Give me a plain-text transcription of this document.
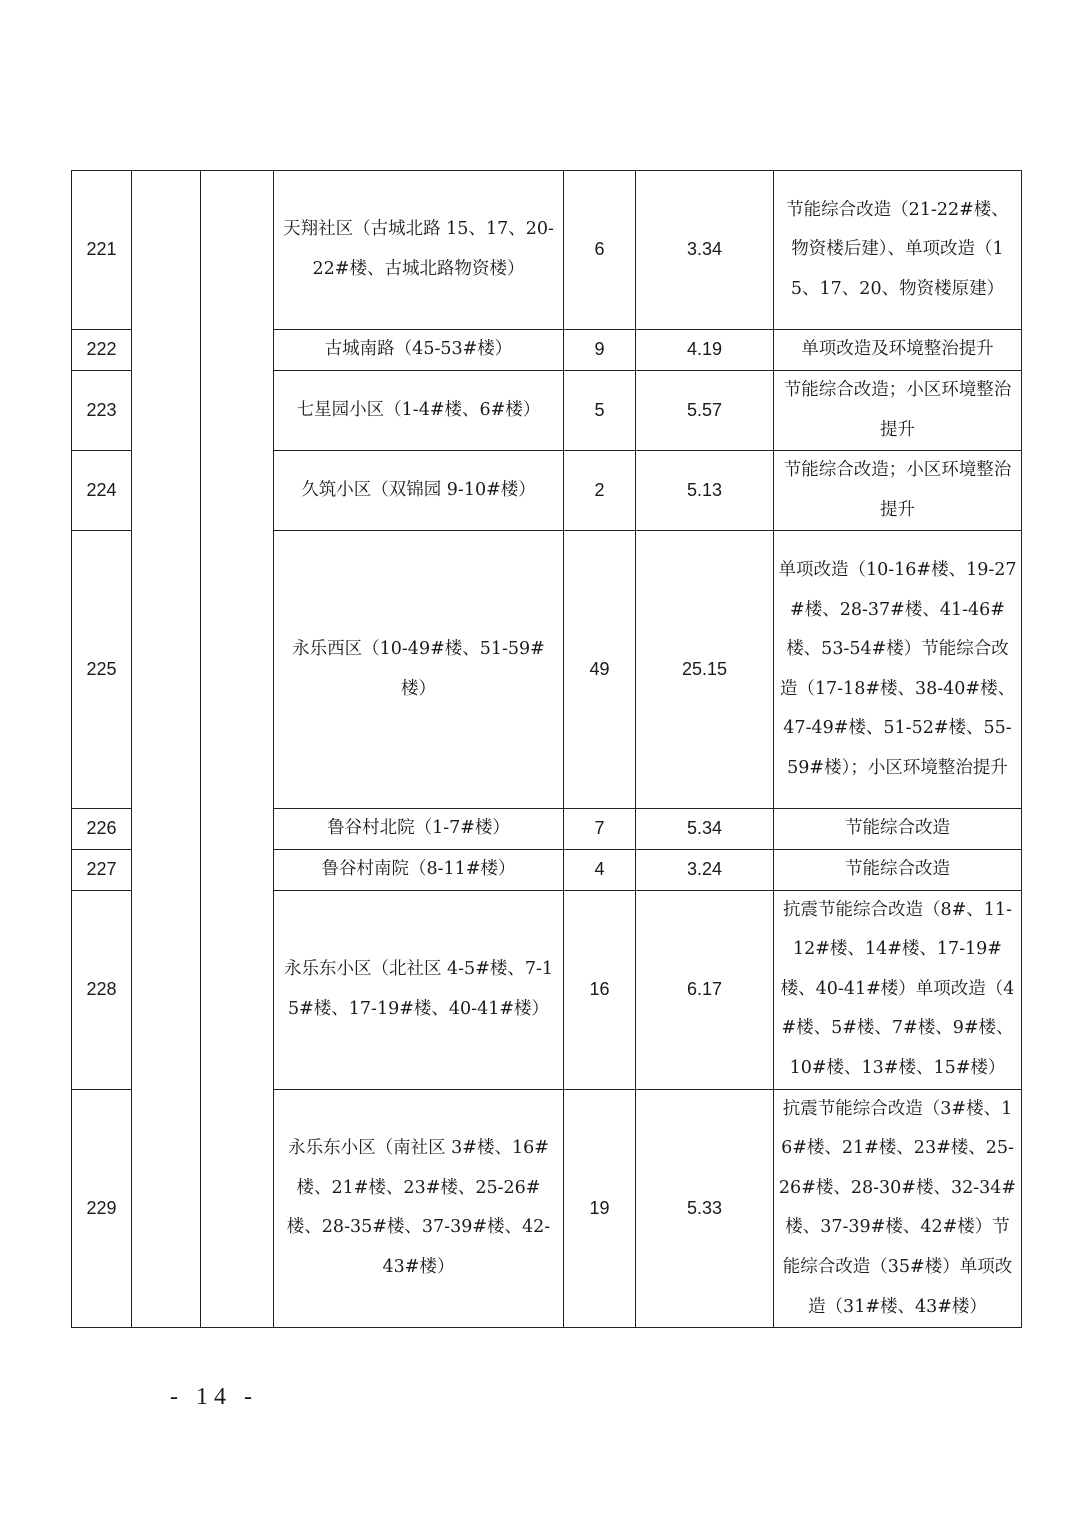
221			天翔社区（古城北路 15、17、20-22#楼、古城北路物资楼）	6	3.34	节能综合改造（21-22#楼、物资楼后建）、单项改造（15、17、20、物资楼原建）
222			古城南路（45-53#楼）	9	4.19	单项改造及环境整治提升
223			七星园小区（1-4#楼、6#楼）	5	5.57	节能综合改造；小区环境整治提升
224			久筑小区（双锦园 9-10#楼）	2	5.13	节能综合改造；小区环境整治提升
225			永乐西区（10-49#楼、51-59#楼）	49	25.15	单项改造（10-16#楼、19-27#楼、28-37#楼、41-46#楼、53-54#楼）节能综合改造（17-18#楼、38-40#楼、47-49#楼、51-52#楼、55-59#楼）；小区环境整治提升
226			鲁谷村北院（1-7#楼）	7	5.34	节能综合改造
227			鲁谷村南院（8-11#楼）	4	3.24	节能综合改造
228			永乐东小区（北社区 4-5#楼、7-15#楼、17-19#楼、40-41#楼）	16	6.17	抗震节能综合改造（8#、11-12#楼、14#楼、17-19#楼、40-41#楼）单项改造（4#楼、5#楼、7#楼、9#楼、10#楼、13#楼、15#楼）
229			永乐东小区（南社区 3#楼、16#楼、21#楼、23#楼、25-26#楼、28-35#楼、37-39#楼、42-43#楼）	19	5.33	抗震节能综合改造（3#楼、16#楼、21#楼、23#楼、25-26#楼、28-30#楼、32-34#楼、37-39#楼、42#楼）节能综合改造（35#楼）单项改造（31#楼、43#楼）
- 14 -
